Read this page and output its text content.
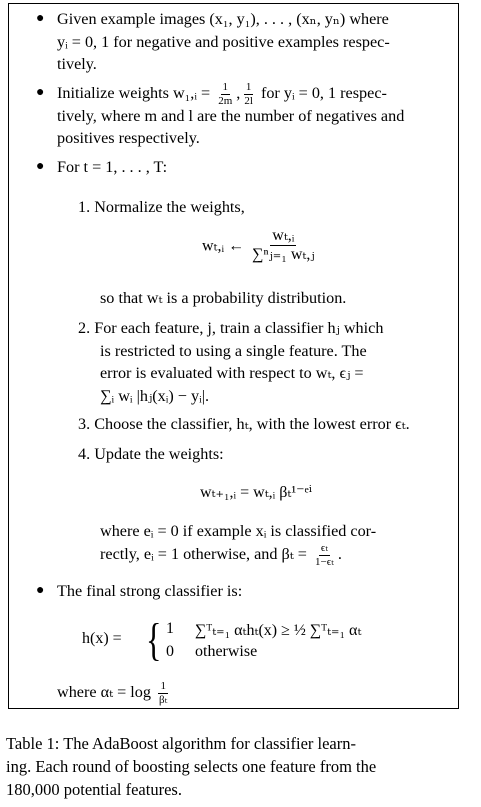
● Given example images (x₁, y₁), . . . , (xₙ, yₙ) where
yᵢ = 0, 1 for negative and positive examples respec-
tively.
● Initialize weights w₁,ᵢ = $\frac{1}{2m}$ , $\frac{1}{2l}$ for yᵢ = 0, 1 respec-
tively, where m and l are the number of negatives and
positives respectively.
● For t = 1, . . . , T:
1. Normalize the weights,
wₜ,ᵢ ← $\frac{\text{wₜ,ᵢ}}{\text{∑ⁿⱼ₌₁ wₜ,ⱼ}}$
so that wₜ is a probability distribution.
2. For each feature, j, train a classifier hⱼ which
is restricted to using a single feature. The
error is evaluated with respect to wₜ, ϵⱼ =
∑ᵢ wᵢ |hⱼ(xᵢ) − yᵢ|.
3. Choose the classifier, hₜ, with the lowest error ϵₜ.
4. Update the weights:
wₜ₊₁,ᵢ = wₜ,ᵢ βₜ¹⁻ᵉⁱ
where eᵢ = 0 if example xᵢ is classified cor-
rectly, eᵢ = 1 otherwise, and $\beta_t = \frac{\text{ϵₜ}}{\text{1−ϵₜ}}$ .
● The final strong classifier is:
h(x) = { 1 ∑ᵀₜ₌₁ αₜhₜ(x) ≥ ½ ∑ᵀₜ₌₁ αₜ
0 otherwise
where $\alpha_t = \log \frac{1}{\text{βₜ}}$
Table 1: The AdaBoost algorithm for classifier learn-
ing. Each round of boosting selects one feature from the
180,000 potential features.
